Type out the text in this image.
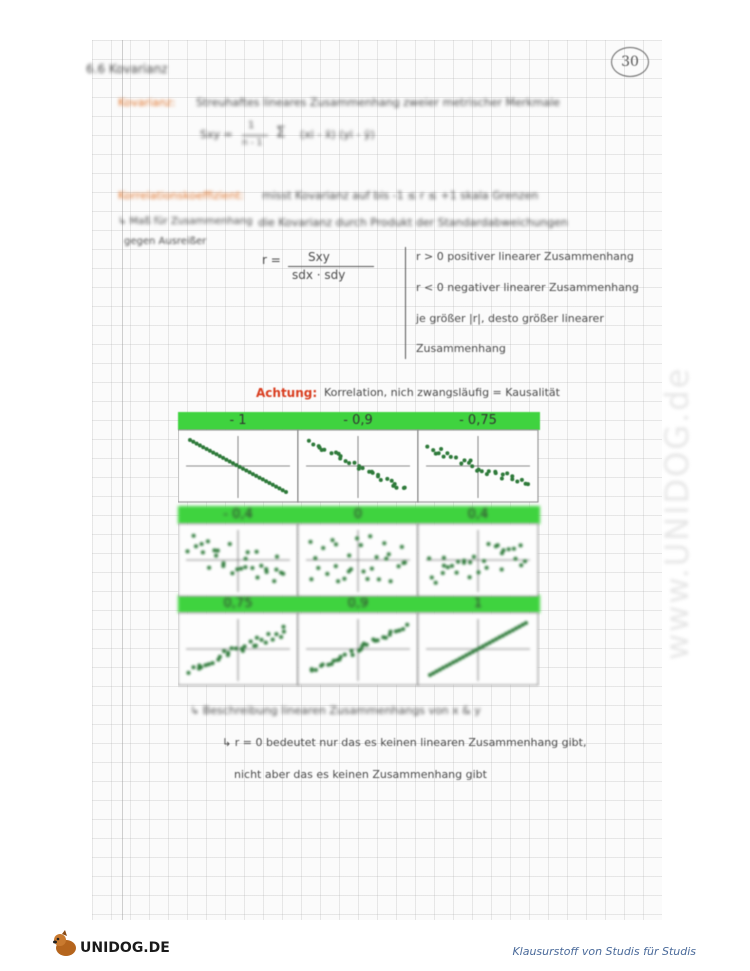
6.6 Kovarianz	30
Kovarianz: Streuhaftes lineares Zusammenhang zweier metrischer Merkmale
Sxy =
1
n - 1
Σ (xi - x̄) (yi - ȳ)
Korrelationskoeffizient: misst Kovarianz auf bis -1 ≤ r ≤ +1 skala Grenzen
↳ Maß für Zusammenhang die Kovarianz durch Produkt der Standardabweichungen
gegen Ausreißer
r = Sxy
sdx · sdy
r > 0 positiver linearer Zusammenhang
r < 0 negativer linearer Zusammenhang
je größer |r|, desto größer linearer
Zusammenhang
Achtung: Korrelation, nich zwangsläufig = Kausalität
- 1	- 0,9	- 0,75
- 0,4	0	0,4
0,75	0,9	1
↳ Beschreibung linearen Zusammenhangs von x & y
↳ r = 0 bedeutet nur das es keinen linearen Zusammenhang gibt,
nicht aber das es keinen Zusammenhang gibt
www.UNIDOG.de
UNIDOG.DE	Klausurstoff von Studis für Studis
